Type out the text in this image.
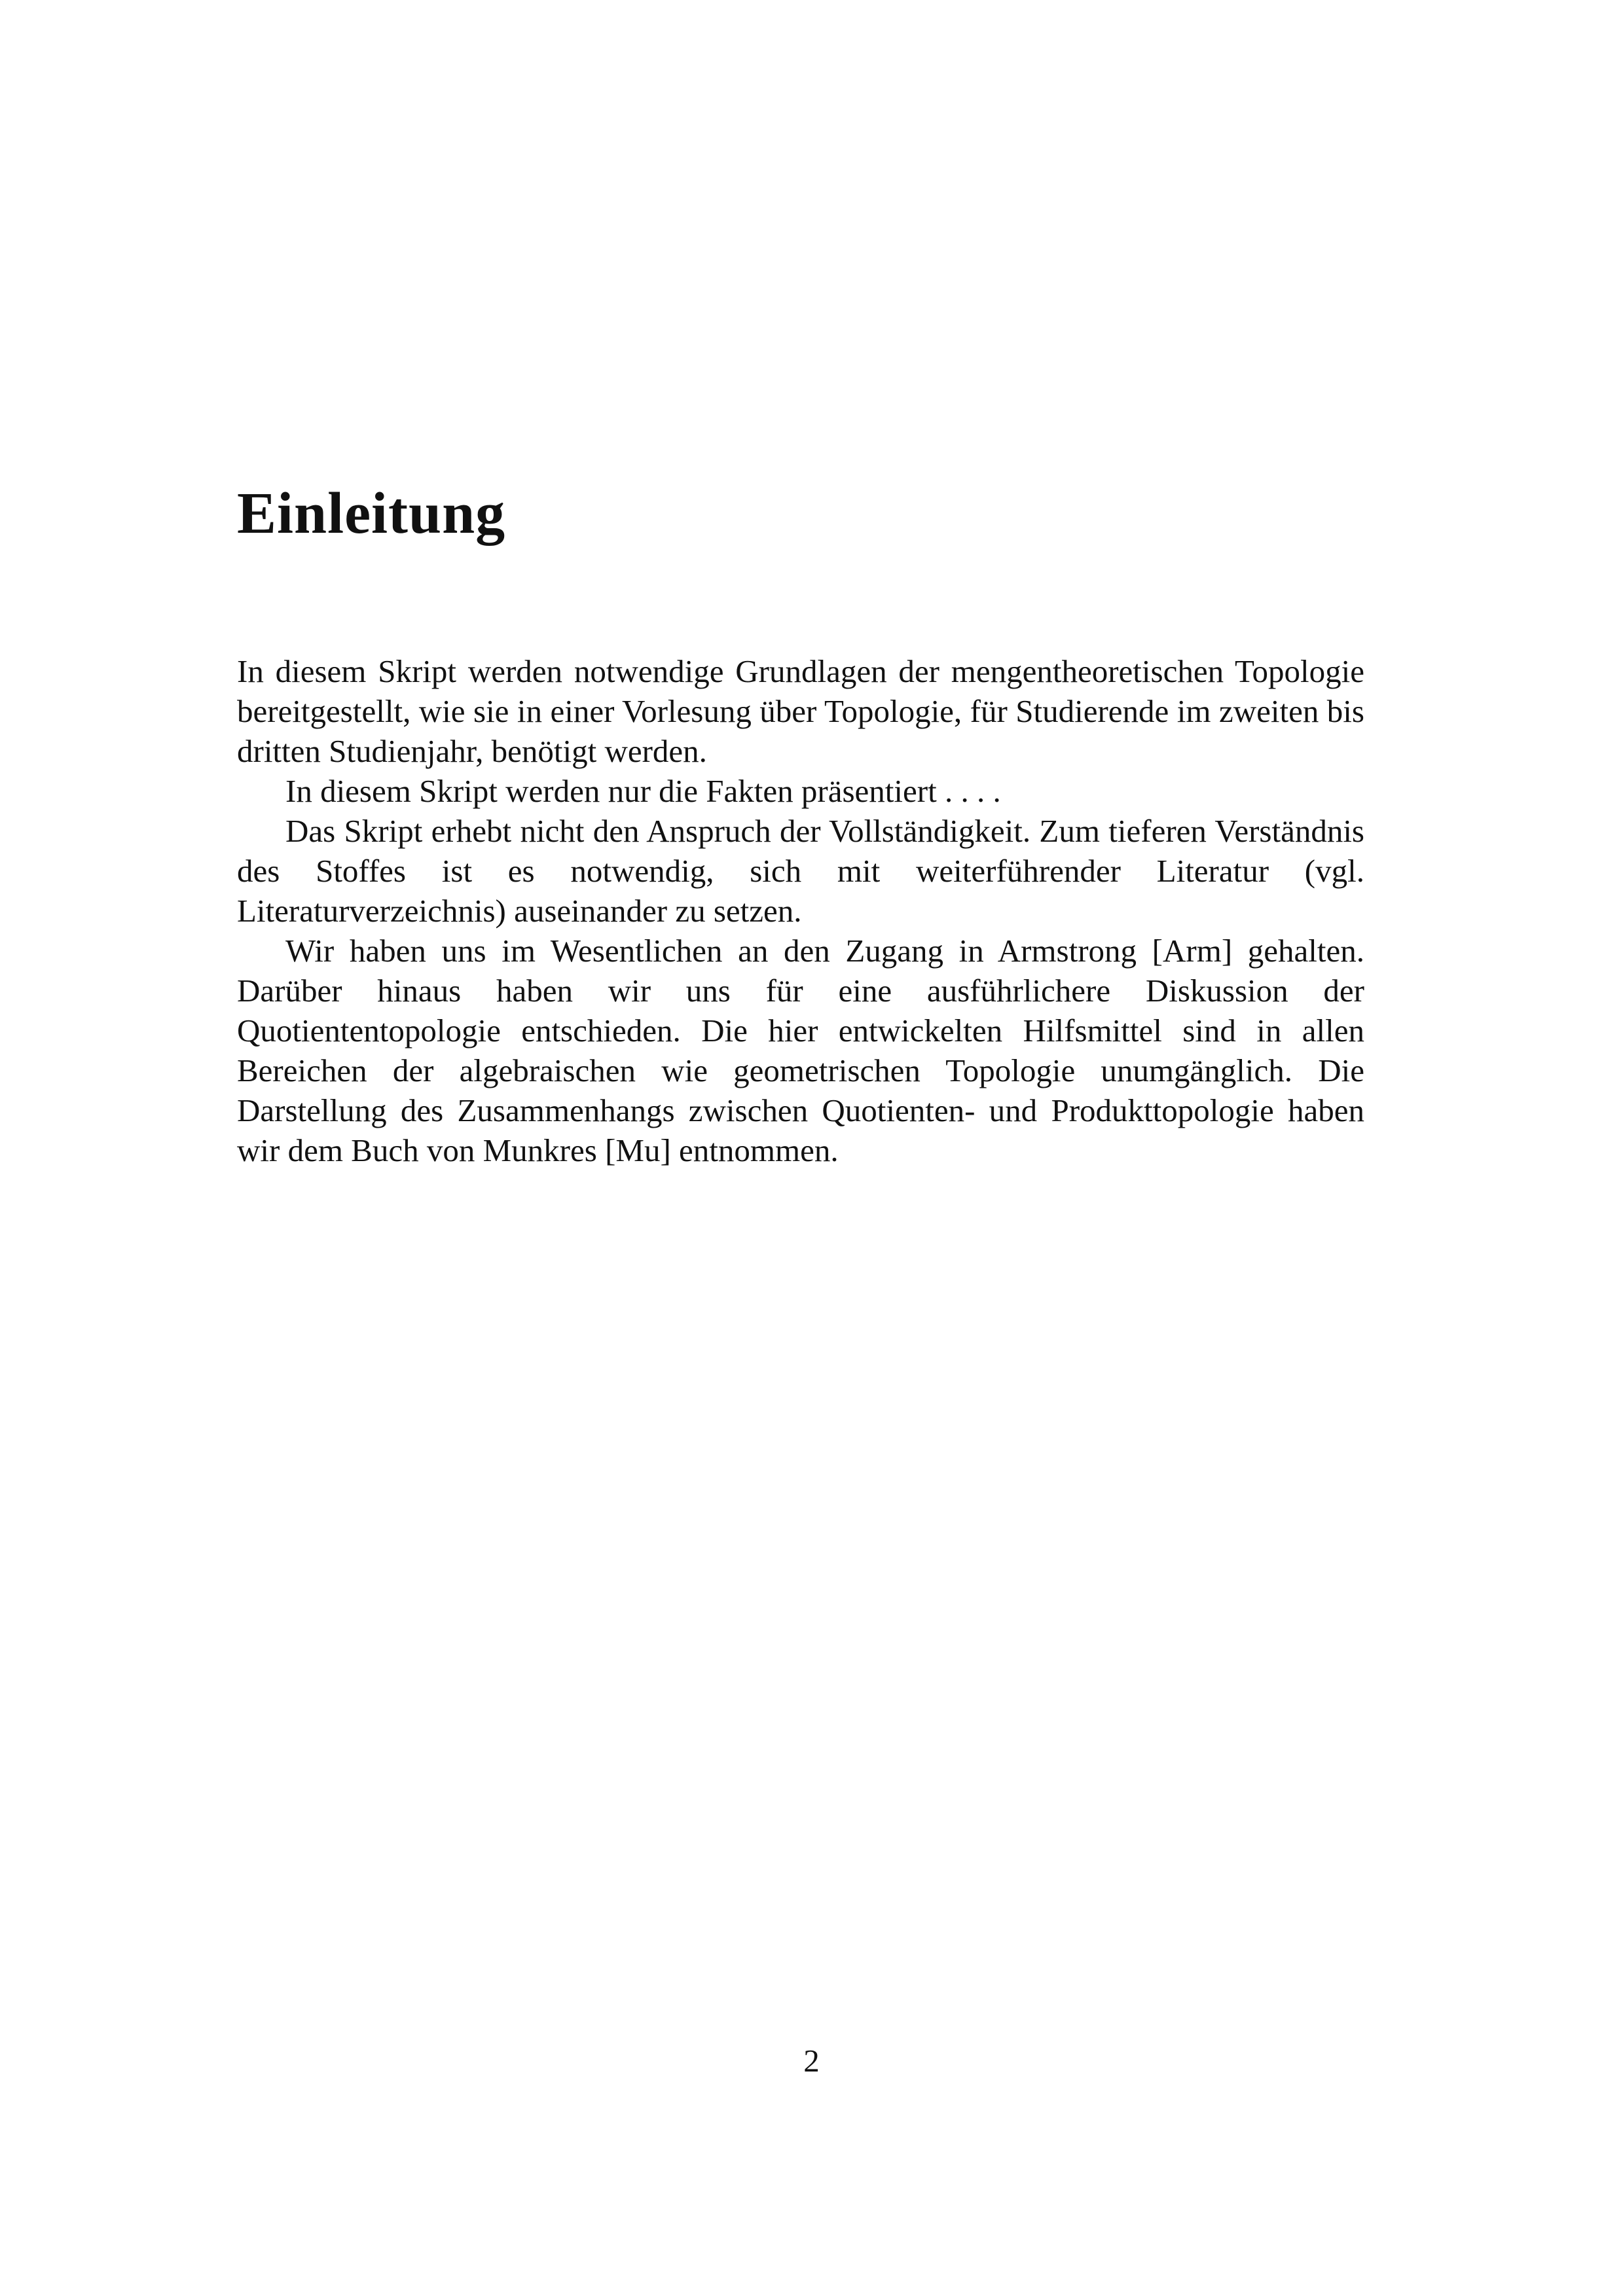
Einleitung

In diesem Skript werden notwendige Grundlagen der mengentheoretischen Topologie bereitgestellt, wie sie in einer Vorlesung über Topologie, für Studierende im zweiten bis dritten Studienjahr, benötigt werden.

In diesem Skript werden nur die Fakten präsentiert . . . .

Das Skript erhebt nicht den Anspruch der Vollständigkeit. Zum tieferen Verständnis des Stoffes ist es notwendig, sich mit weiterführender Literatur (vgl. Literaturverzeichnis) auseinander zu setzen.

Wir haben uns im Wesentlichen an den Zugang in Armstrong [Arm] gehalten. Darüber hinaus haben wir uns für eine ausführlichere Diskussion der Quotiententopologie entschieden. Die hier entwickelten Hilfsmittel sind in allen Bereichen der algebraischen wie geometrischen Topologie unumgänglich. Die Darstellung des Zusammenhangs zwischen Quotienten- und Produkttopologie haben wir dem Buch von Munkres [Mu] entnommen.

2
